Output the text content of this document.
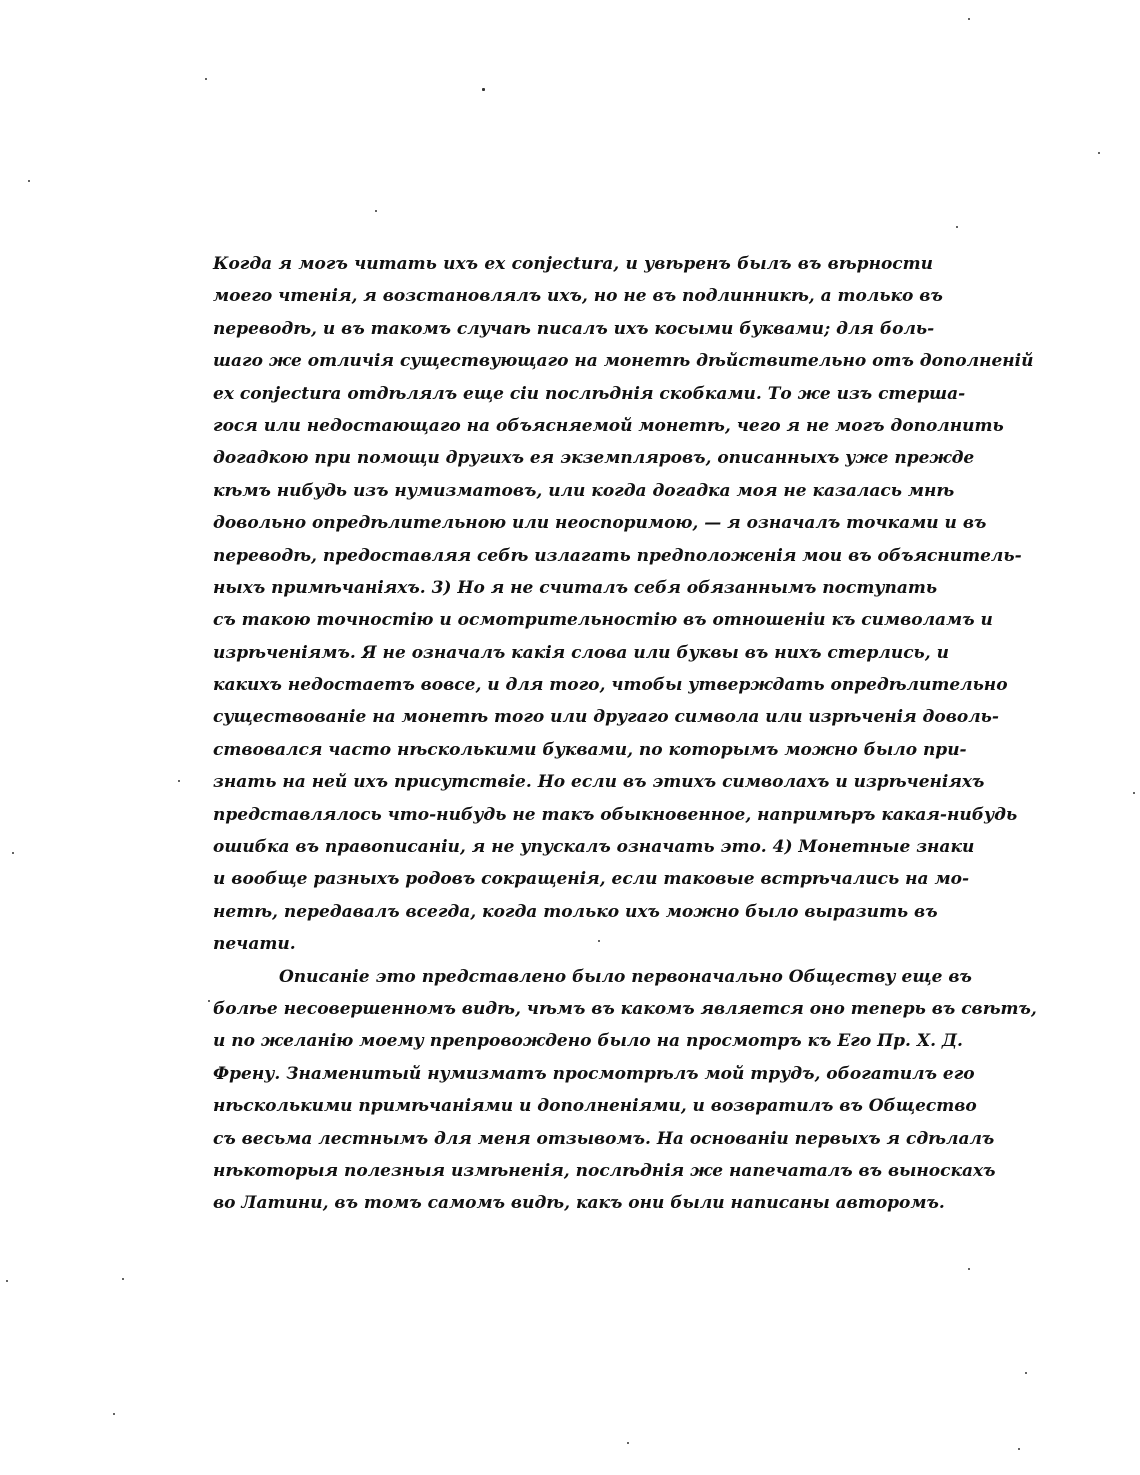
Когда я могъ читать ихъ ex conjectura, и увѣренъ былъ въ вѣрности
моего чтенія, я возстановлялъ ихъ, но не въ подлинникѣ, а только въ
переводѣ, и въ такомъ случаѣ писалъ ихъ косыми буквами; для боль-
шаго же отличія существующаго на монетѣ дѣйствительно отъ дополненій
ex conjectura отдѣлялъ еще сіи послѣднія скобками. То же изъ стерша-
гося или недостающаго на объясняемой монетѣ, чего я не могъ дополнить
догадкою при помощи другихъ ея экземпляровъ, описанныхъ уже прежде
кѣмъ нибудь изъ нумизматовъ, или когда догадка моя не казалась мнѣ
довольно опредѣлительною или неоспоримою, — я означалъ точками и въ
переводѣ, предоставляя себѣ излагать предположенія мои въ объяснитель-
ныхъ примѣчаніяхъ. 3) Но я не считалъ себя обязаннымъ поступать
съ такою точностію и осмотрительностію въ отношеніи къ символамъ и
изрѣченіямъ. Я не означалъ какія слова или буквы въ нихъ стерлись, и
какихъ недостаетъ вовсе, и для того, чтобы утверждать опредѣлительно
существованіе на монетѣ того или другаго символа или изрѣченія доволь-
ствовался часто нѣсколькими буквами, по которымъ можно было при-
знать на ней ихъ присутствіе. Но если въ этихъ символахъ и изрѣченіяхъ
представлялось что-нибудь не такъ обыкновенное, напримѣръ какая-нибудь
ошибка въ правописаніи, я не упускалъ означать это. 4) Монетные знаки
и вообще разныхъ родовъ сокращенія, если таковые встрѣчались на мо-
нетѣ, передавалъ всегда, когда только ихъ можно было выразить въ
печати.
Описаніе это представлено было первоначально Обществу еще въ
болѣе несовершенномъ видѣ, чѣмъ въ какомъ является оно теперь въ свѣтъ,
и по желанію моему препровождено было на просмотръ къ Его Пр. Х. Д.
Френу. Знаменитый нумизматъ просмотрѣлъ мой трудъ, обогатилъ его
нѣсколькими примѣчаніями и дополненіями, и возвратилъ въ Общество
съ весьма лестнымъ для меня отзывомъ. На основаніи первыхъ я сдѣлалъ
нѣкоторыя полезныя измѣненія, послѣднія же напечаталъ въ выноскахъ
во Латини, въ томъ самомъ видѣ, какъ они были написаны авторомъ.
